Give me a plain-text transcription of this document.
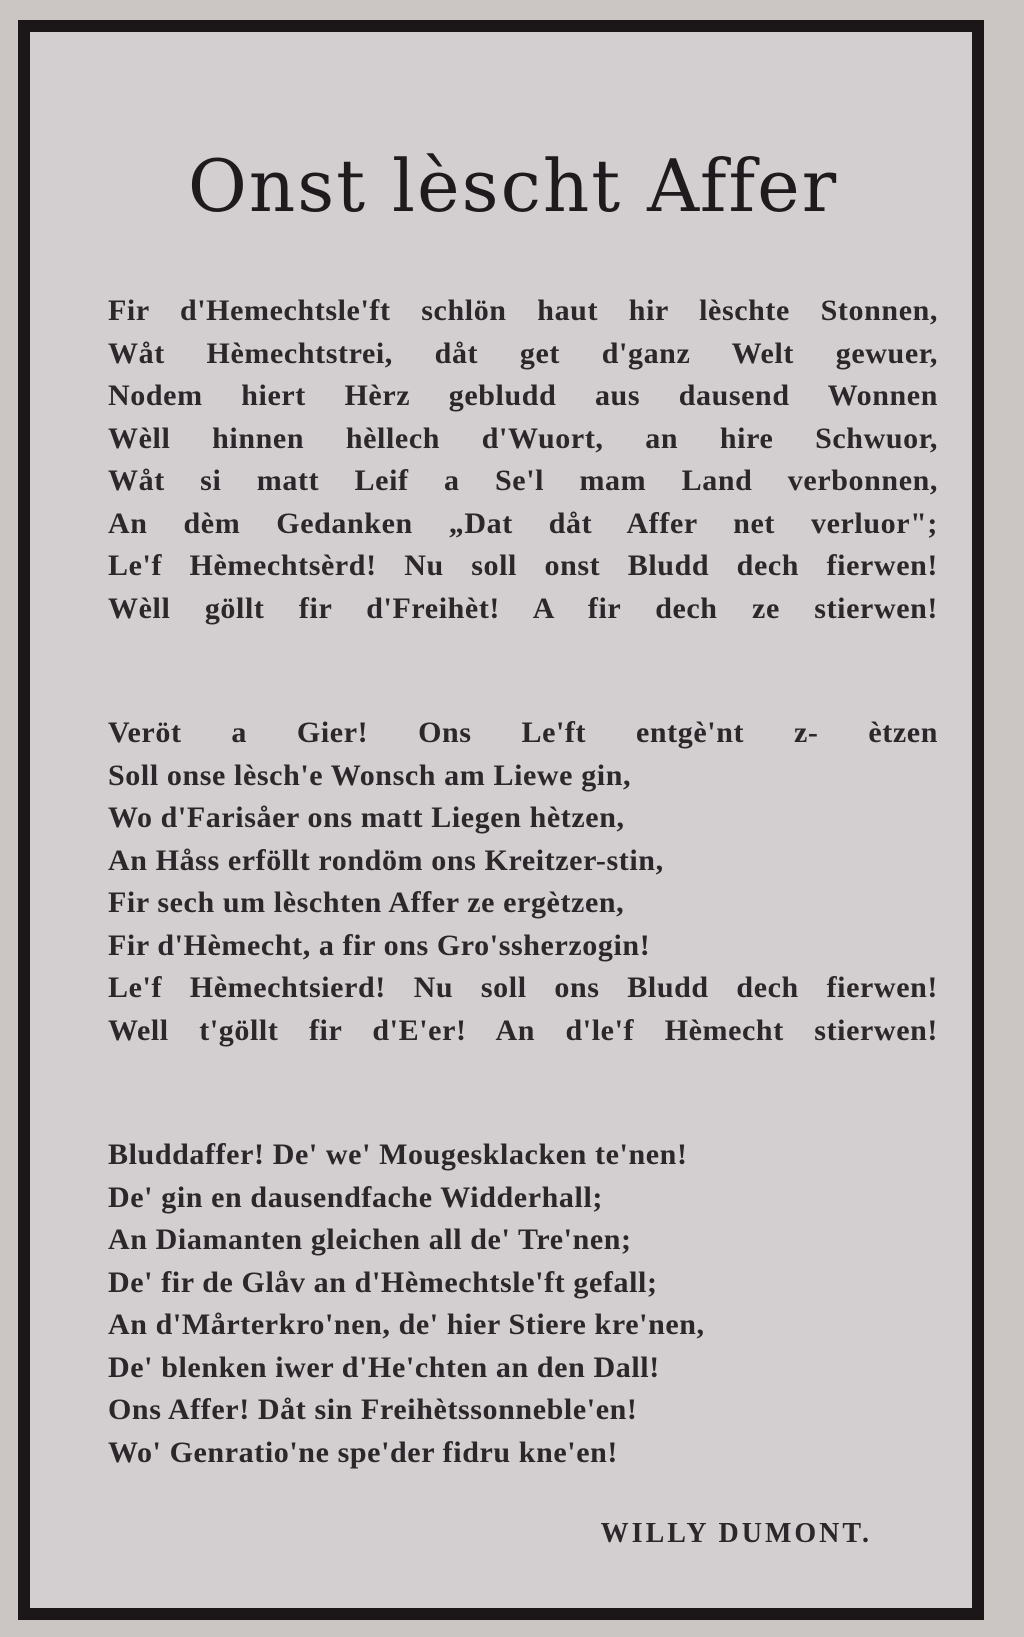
Onst lèscht Affer
Fir d'Hemechtsle'ft schlön haut hir lèschte Stonnen,
Wåt Hèmechtstrei, dåt get d'ganz Welt gewuer,
Nodem hiert Hèrz gebludd aus dausend Wonnen
Wèll hinnen hèllech d'Wuort, an hire Schwuor,
Wåt si matt Leif a Se'l mam Land verbonnen,
An dèm Gedanken „Dat dåt Affer net verluor";
Le'f Hèmechtsèrd! Nu soll onst Bludd dech fierwen!
Wèll göllt fir d'Freihèt! A fir dech ze stierwen!
Veröt a Gier! Ons Le'ft entgè'nt z- ètzen
Soll onse lèsch'e Wonsch am Liewe gin,
Wo d'Farisåer ons matt Liegen hètzen,
An Håss erföllt rondöm ons Kreitzer-stin,
Fir sech um lèschten Affer ze ergètzen,
Fir d'Hèmecht, a fir ons Gro'ssherzogin!
Le'f Hèmechtsierd! Nu soll ons Bludd dech fierwen!
Well t'göllt fir d'E'er! An d'le'f Hèmecht stierwen!
Bluddaffer! De' we' Mougesklacken te'nen!
De' gin en dausendfache Widderhall;
An Diamanten gleichen all de' Tre'nen;
De' fir de Glåv an d'Hèmechtsle'ft gefall;
An d'Mårterkro'nen, de' hier Stiere kre'nen,
De' blenken iwer d'He'chten an den Dall!
Ons Affer! Dåt sin Freihètssonneble'en!
Wo' Genratio'ne spe'der fidru kne'en!
WILLY DUMONT.
